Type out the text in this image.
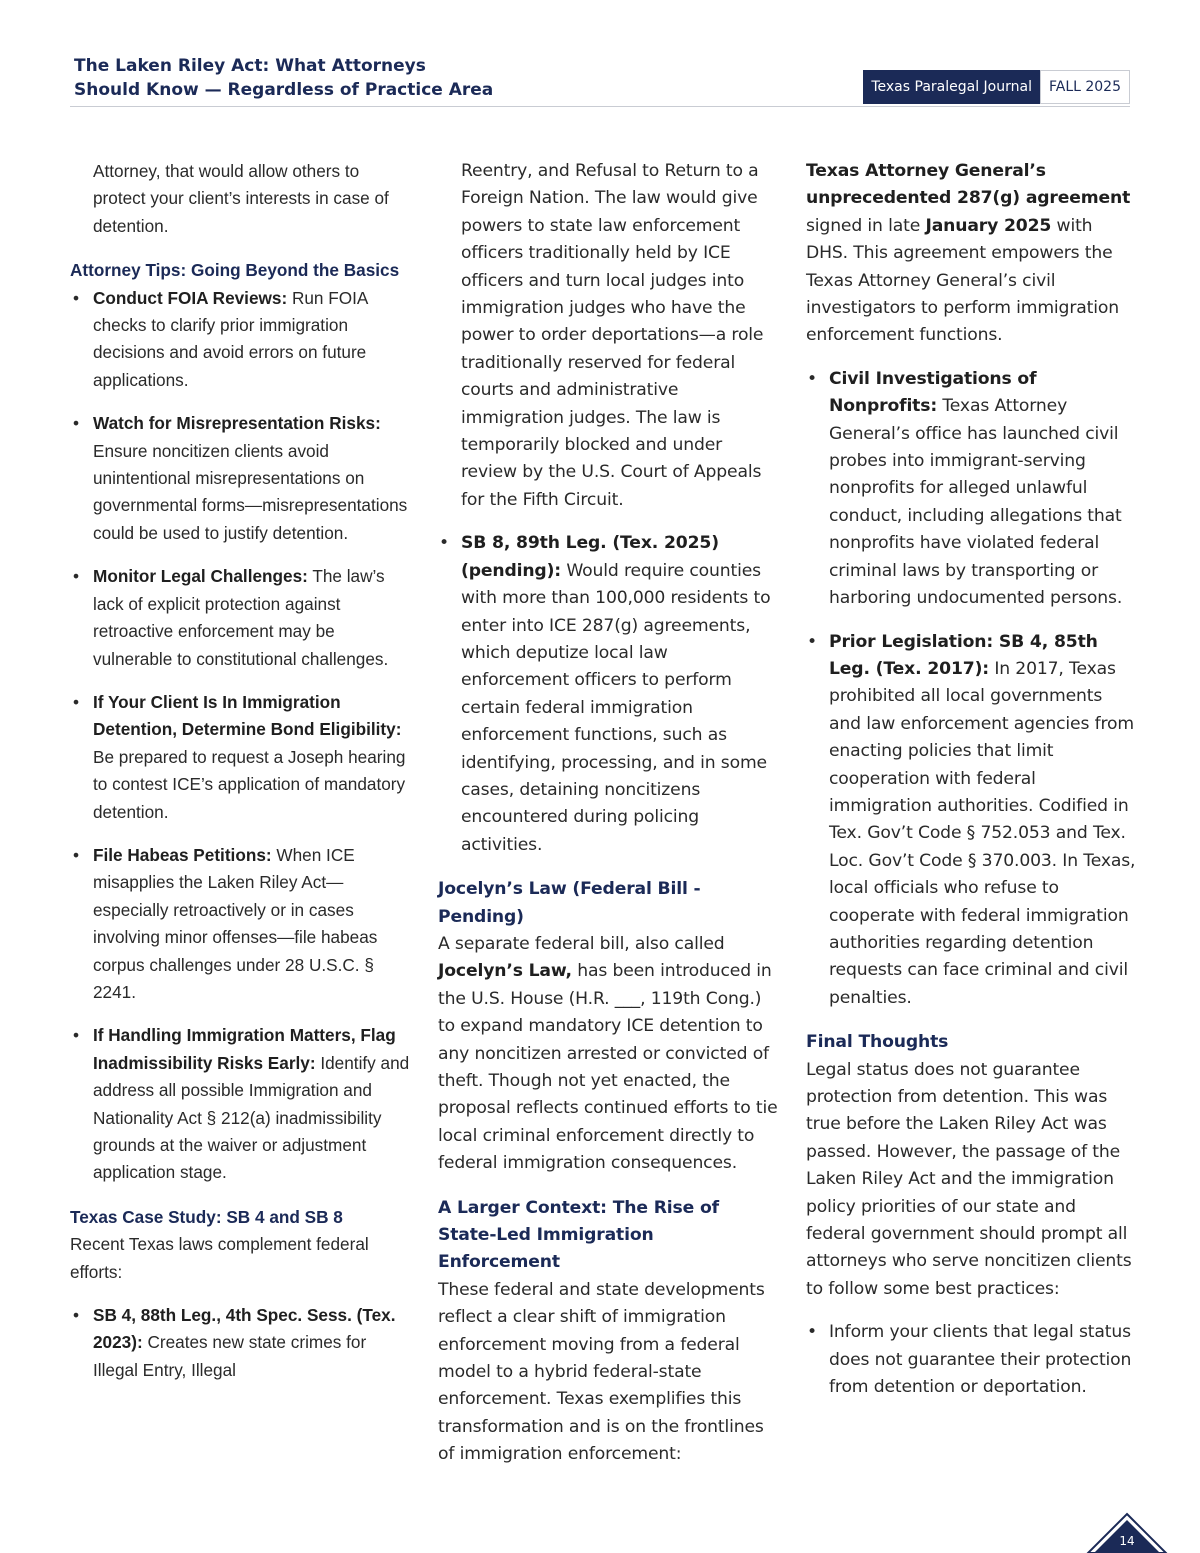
The Laken Riley Act: What Attorneys
Should Know — Regardless of Practice Area	Texas Paralegal Journal	FALL 2025

Attorney, that would allow others to protect your client’s interests in case of detention.

Attorney Tips: Going Beyond the Basics

• Conduct FOIA Reviews: Run FOIA checks to clarify prior immigration decisions and avoid errors on future applications.
• Watch for Misrepresentation Risks: Ensure noncitizen clients avoid unintentional misrepresentations on governmental forms—misrepresentations could be used to justify detention.
• Monitor Legal Challenges: The law’s lack of explicit protection against retroactive enforcement may be vulnerable to constitutional challenges.
• If Your Client Is In Immigration Detention, Determine Bond Eligibility: Be prepared to request a Joseph hearing to contest ICE’s application of mandatory detention.
• File Habeas Petitions: When ICE misapplies the Laken Riley Act—especially retroactively or in cases involving minor offenses—file habeas corpus challenges under 28 U.S.C. § 2241.
• If Handling Immigration Matters, Flag Inadmissibility Risks Early: Identify and address all possible Immigration and Nationality Act § 212(a) inadmissibility grounds at the waiver or adjustment application stage.

Texas Case Study: SB 4 and SB 8

Recent Texas laws complement federal efforts:

• SB 4, 88th Leg., 4th Spec. Sess. (Tex. 2023): Creates new state crimes for Illegal Entry, Illegal
Reentry, and Refusal to Return to a Foreign Nation. The law would give powers to state law enforcement officers traditionally held by ICE officers and turn local judges into immigration judges who have the power to order deportations—a role traditionally reserved for federal courts and administrative immigration judges. The law is temporarily blocked and under review by the U.S. Court of Appeals for the Fifth Circuit.
• SB 8, 89th Leg. (Tex. 2025) (pending): Would require counties with more than 100,000 residents to enter into ICE 287(g) agreements, which deputize local law enforcement officers to perform certain federal immigration enforcement functions, such as identifying, processing, and in some cases, detaining noncitizens encountered during policing activities.

Jocelyn’s Law (Federal Bill - Pending)

A separate federal bill, also called Jocelyn’s Law, has been introduced in the U.S. House (H.R. ___, 119th Cong.) to expand mandatory ICE detention to any noncitizen arrested or convicted of theft. Though not yet enacted, the proposal reflects continued efforts to tie local criminal enforcement directly to federal immigration consequences.

A Larger Context: The Rise of State-Led Immigration Enforcement

These federal and state developments reflect a clear shift of immigration enforcement moving from a federal model to a hybrid federal-state enforcement. Texas exemplifies this transformation and is on the frontlines of immigration enforcement:

Texas Attorney General’s unprecedented 287(g) agreement signed in late January 2025 with DHS. This agreement empowers the Texas Attorney General’s civil investigators to perform immigration enforcement functions.

• Civil Investigations of Nonprofits: Texas Attorney General’s office has launched civil probes into immigrant-serving nonprofits for alleged unlawful conduct, including allegations that nonprofits have violated federal criminal laws by transporting or harboring undocumented persons.
• Prior Legislation: SB 4, 85th Leg. (Tex. 2017): In 2017, Texas prohibited all local governments and law enforcement agencies from enacting policies that limit cooperation with federal immigration authorities. Codified in Tex. Gov’t Code § 752.053 and Tex. Loc. Gov’t Code § 370.003. In Texas, local officials who refuse to cooperate with federal immigration authorities regarding detention requests can face criminal and civil penalties.

Final Thoughts

Legal status does not guarantee protection from detention. This was true before the Laken Riley Act was passed. However, the passage of the Laken Riley Act and the immigration policy priorities of our state and federal government should prompt all attorneys who serve noncitizen clients to follow some best practices:

• Inform your clients that legal status does not guarantee their protection from detention or deportation.
14
